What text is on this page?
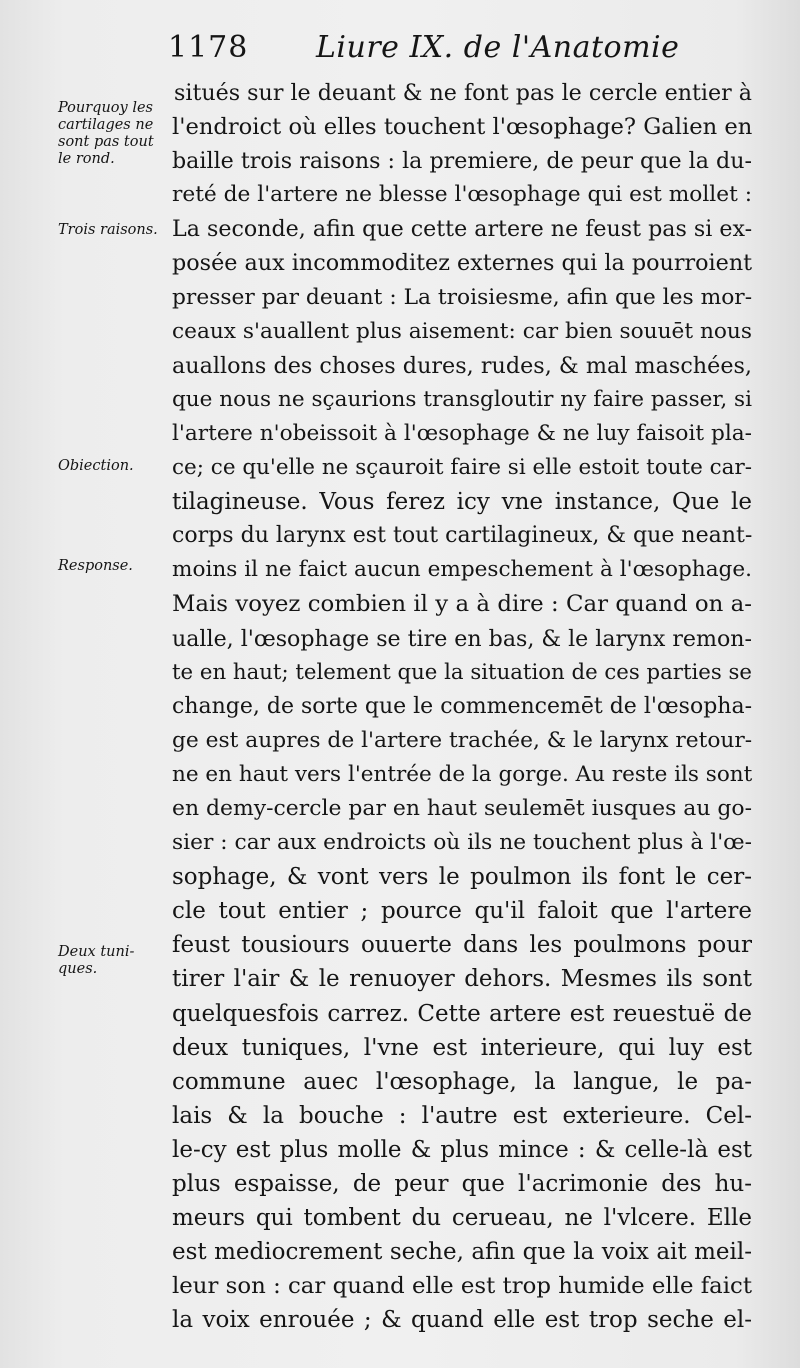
1178 Liure IX. de l'Anatomie
Pourquoy les
cartilages ne
sont pas tout
le rond.
Trois raisons.
Obiection.
Response.
Deux tuni-
ques.
situés sur le deuant & ne font pas le cercle entier à
l'endroict où elles touchent l'œsophage? Galien en
baille trois raisons : la premiere, de peur que la du-
reté de l'artere ne blesse l'œsophage qui est mollet :
La seconde, afin que cette artere ne feust pas si ex-
posée aux incommoditez externes qui la pourroient
presser par deuant : La troisiesme, afin que les mor-
ceaux s'auallent plus aisement: car bien souuēt nous
auallons des choses dures, rudes, & mal maschées,
que nous ne sçaurions transgloutir ny faire passer, si
l'artere n'obeissoit à l'œsophage & ne luy faisoit pla-
ce; ce qu'elle ne sçauroit faire si elle estoit toute car-
tilagineuse. Vous ferez icy vne instance, Que le
corps du larynx est tout cartilagineux, & que neant-
moins il ne faict aucun empeschement à l'œsophage.
Mais voyez combien il y a à dire : Car quand on a-
ualle, l'œsophage se tire en bas, & le larynx remon-
te en haut; telement que la situation de ces parties se
change, de sorte que le commencemēt de l'œsopha-
ge est aupres de l'artere trachée, & le larynx retour-
ne en haut vers l'entrée de la gorge. Au reste ils sont
en demy-cercle par en haut seulemēt iusques au go-
sier : car aux endroicts où ils ne touchent plus à l'œ-
sophage, & vont vers le poulmon ils font le cer-
cle tout entier ; pource qu'il faloit que l'artere
feust tousiours ouuerte dans les poulmons pour
tirer l'air & le renuoyer dehors. Mesmes ils sont
quelquesfois carrez. Cette artere est reuestuë de
deux tuniques, l'vne est interieure, qui luy est
commune auec l'œsophage, la langue, le pa-
lais & la bouche : l'autre est exterieure. Cel-
le-cy est plus molle & plus mince : & celle-là est
plus espaisse, de peur que l'acrimonie des hu-
meurs qui tombent du cerueau, ne l'vlcere. Elle
est mediocrement seche, afin que la voix ait meil-
leur son : car quand elle est trop humide elle faict
la voix enrouée ; & quand elle est trop seche el-
